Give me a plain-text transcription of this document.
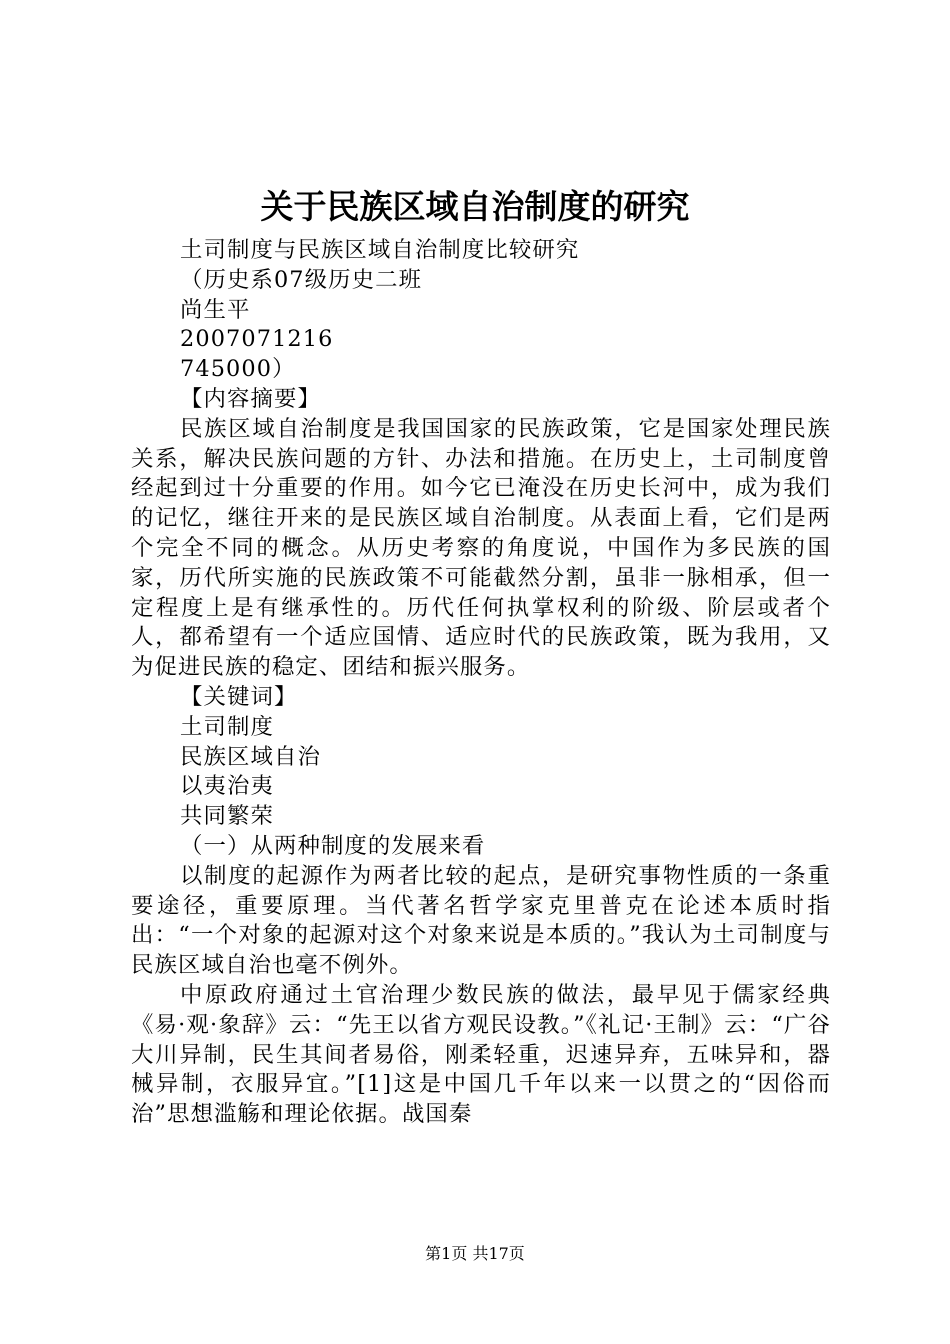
关于民族区域自治制度的研究
土司制度与民族区域自治制度比较研究
（历史系07级历史二班
尚生平
2007071216
745000）
【内容摘要】
民族区域自治制度是我国国家的民族政策，它是国家处理民族关系，解决民族问题的方针、办法和措施。在历史上，土司制度曾经起到过十分重要的作用。如今它已淹没在历史长河中，成为我们的记忆，继往开来的是民族区域自治制度。从表面上看，它们是两个完全不同的概念。从历史考察的角度说，中国作为多民族的国家，历代所实施的民族政策不可能截然分割，虽非一脉相承，但一定程度上是有继承性的。历代任何执掌权利的阶级、阶层或者个人，都希望有一个适应国情、适应时代的民族政策，既为我用，又为促进民族的稳定、团结和振兴服务。
【关键词】
土司制度
民族区域自治
以夷治夷
共同繁荣
（一）从两种制度的发展来看
以制度的起源作为两者比较的起点，是研究事物性质的一条重要途径，重要原理。当代著名哲学家克里普克在论述本质时指出：“一个对象的起源对这个对象来说是本质的。”我认为土司制度与民族区域自治也毫不例外。
中原政府通过土官治理少数民族的做法，最早见于儒家经典《易·观·象辞》云：“先王以省方观民设教。”《礼记·王制》云：“广谷大川异制，民生其间者易俗，刚柔轻重，迟速异弃，五味异和，器械异制，衣服异宜。”[1]这是中国几千年以来一以贯之的“因俗而治”思想滥觞和理论依据。战国秦
第1页 共17页
